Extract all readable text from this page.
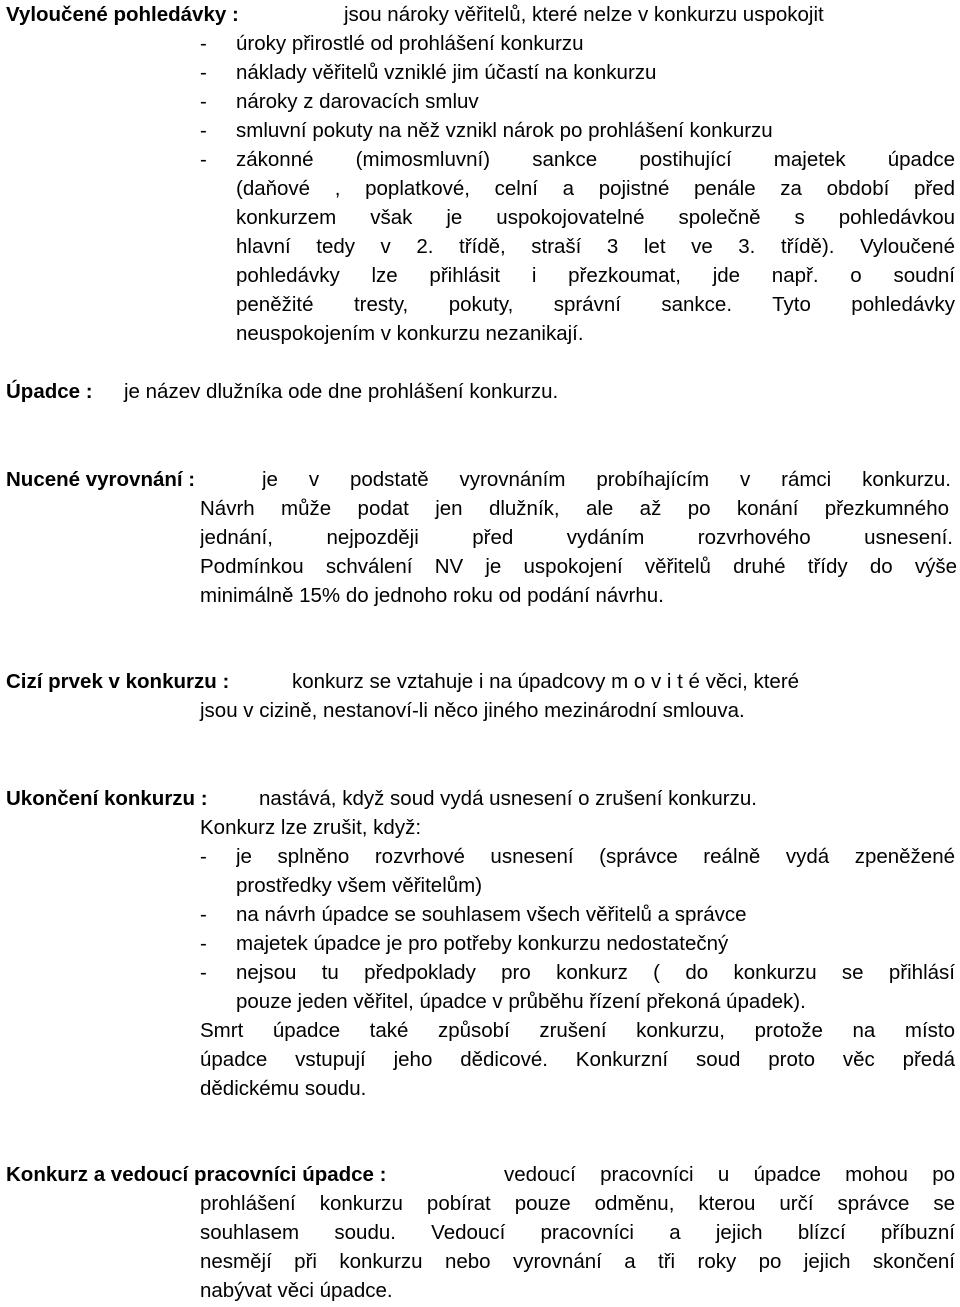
Vyloučené pohledávky :	jsou nároky věřitelů, které nelze v konkurzu uspokojit
-	úroky přirostlé od prohlášení konkurzu
-	náklady věřitelů vzniklé jim účastí na konkurzu
-	nároky z darovacích smluv
-	smluvní pokuty na něž vznikl nárok po prohlášení konkurzu
-	zákonné (mimosmluvní) sankce postihující majetek úpadce
(daňové , poplatkové, celní a pojistné penále za období před
konkurzem však je uspokojovatelné společně s pohledávkou
hlavní tedy v 2. třídě, straší 3 let ve 3. třídě). Vyloučené
pohledávky lze přihlásit i přezkoumat, jde např. o soudní
peněžité tresty, pokuty, správní sankce. Tyto pohledávky
neuspokojením v konkurzu nezanikají.
Úpadce : je název dlužníka ode dne prohlášení konkurzu.
Nucené vyrovnání :	je v podstatě vyrovnáním probíhajícím v rámci konkurzu.
Návrh může podat jen dlužník, ale až po konání přezkumného
jednání, nejpozději před vydáním rozvrhového usnesení.
Podmínkou schválení NV je uspokojení věřitelů druhé třídy do výše
minimálně 15% do jednoho roku od podání návrhu.
Cizí prvek v konkurzu :	konkurz se vztahuje i na úpadcovy m o v i t é věci, které
jsou v cizině, nestanoví-li něco jiného mezinárodní smlouva.
Ukončení konkurzu :	nastává, když soud vydá usnesení o zrušení konkurzu.
Konkurz lze zrušit, když:
-	je splněno rozvrhové usnesení (správce reálně vydá zpeněžené
prostředky všem věřitelům)
-	na návrh úpadce se souhlasem všech věřitelů a správce
-	majetek úpadce je pro potřeby konkurzu nedostatečný
-	nejsou tu předpoklady pro konkurz ( do konkurzu se přihlásí
pouze jeden věřitel, úpadce v průběhu řízení překoná úpadek).
Smrt úpadce také způsobí zrušení konkurzu, protože na místo
úpadce vstupují jeho dědicové. Konkurzní soud proto věc předá
dědickému soudu.
Konkurz a vedoucí pracovníci úpadce :	vedoucí pracovníci u úpadce mohou po
prohlášení konkurzu pobírat pouze odměnu, kterou určí správce se
souhlasem soudu. Vedoucí pracovníci a jejich blízcí příbuzní
nesmějí při konkurzu nebo vyrovnání a tři roky po jejich skončení
nabývat věci úpadce.
